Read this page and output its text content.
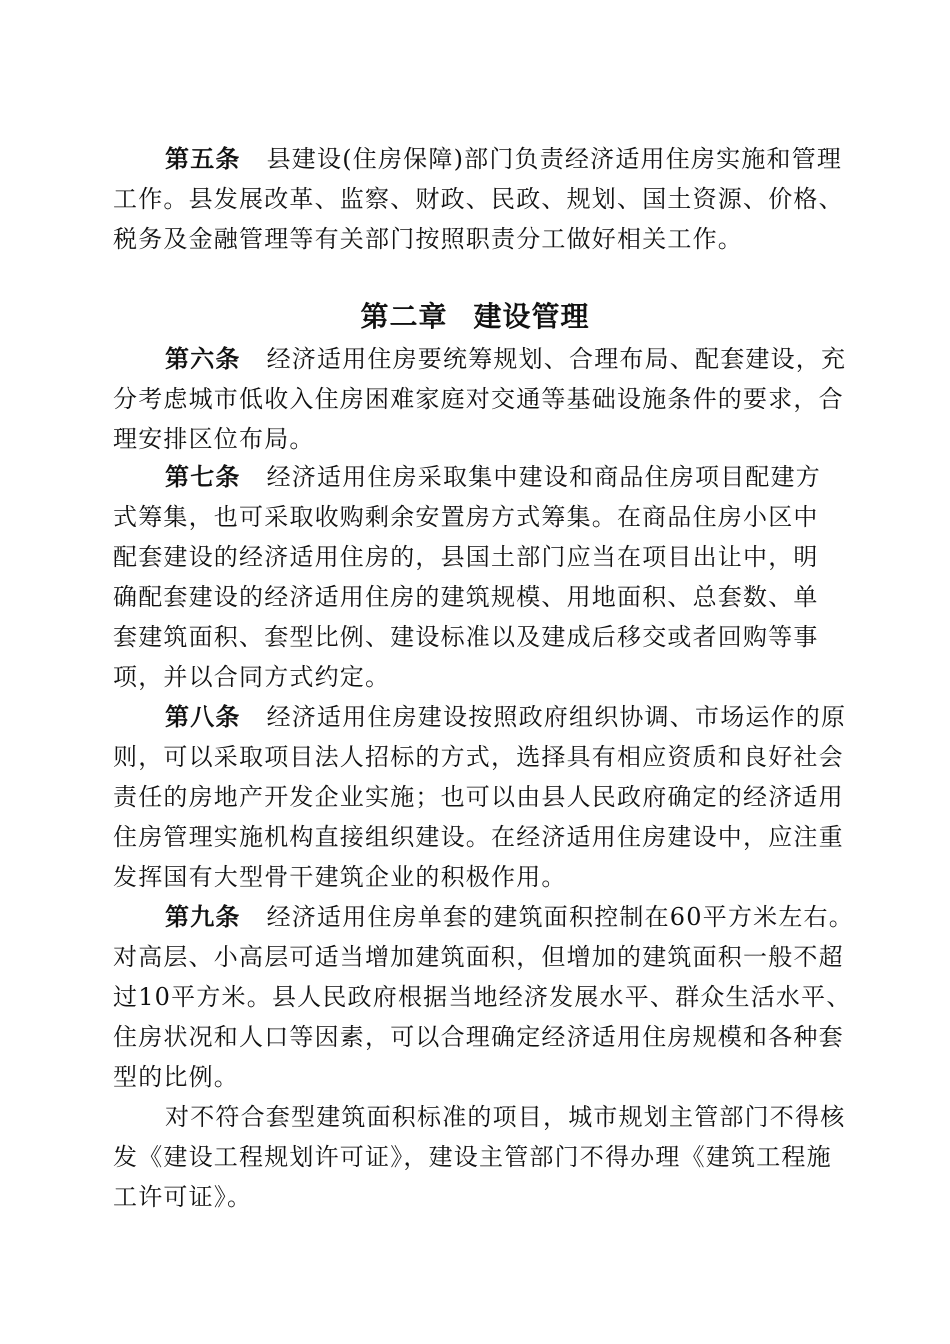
第五条 县建设(住房保障)部门负责经济适用住房实施和管理
工作。县发展改革、监察、财政、民政、规划、国土资源、价格、
税务及金融管理等有关部门按照职责分工做好相关工作。
第二章 建设管理
第六条 经济适用住房要统筹规划、合理布局、配套建设，充
分考虑城市低收入住房困难家庭对交通等基础设施条件的要求，合
理安排区位布局。
第七条 经济适用住房采取集中建设和商品住房项目配建方
式筹集，也可采取收购剩余安置房方式筹集。在商品住房小区中
配套建设的经济适用住房的，县国土部门应当在项目出让中，明
确配套建设的经济适用住房的建筑规模、用地面积、总套数、单
套建筑面积、套型比例、建设标准以及建成后移交或者回购等事
项，并以合同方式约定。
第八条 经济适用住房建设按照政府组织协调、市场运作的原
则，可以采取项目法人招标的方式，选择具有相应资质和良好社会
责任的房地产开发企业实施；也可以由县人民政府确定的经济适用
住房管理实施机构直接组织建设。在经济适用住房建设中，应注重
发挥国有大型骨干建筑企业的积极作用。
第九条 经济适用住房单套的建筑面积控制在60平方米左右。
对高层、小高层可适当增加建筑面积，但增加的建筑面积一般不超
过10平方米。县人民政府根据当地经济发展水平、群众生活水平、
住房状况和人口等因素，可以合理确定经济适用住房规模和各种套
型的比例。
对不符合套型建筑面积标准的项目，城市规划主管部门不得核
发《建设工程规划许可证》，建设主管部门不得办理《建筑工程施
工许可证》。
